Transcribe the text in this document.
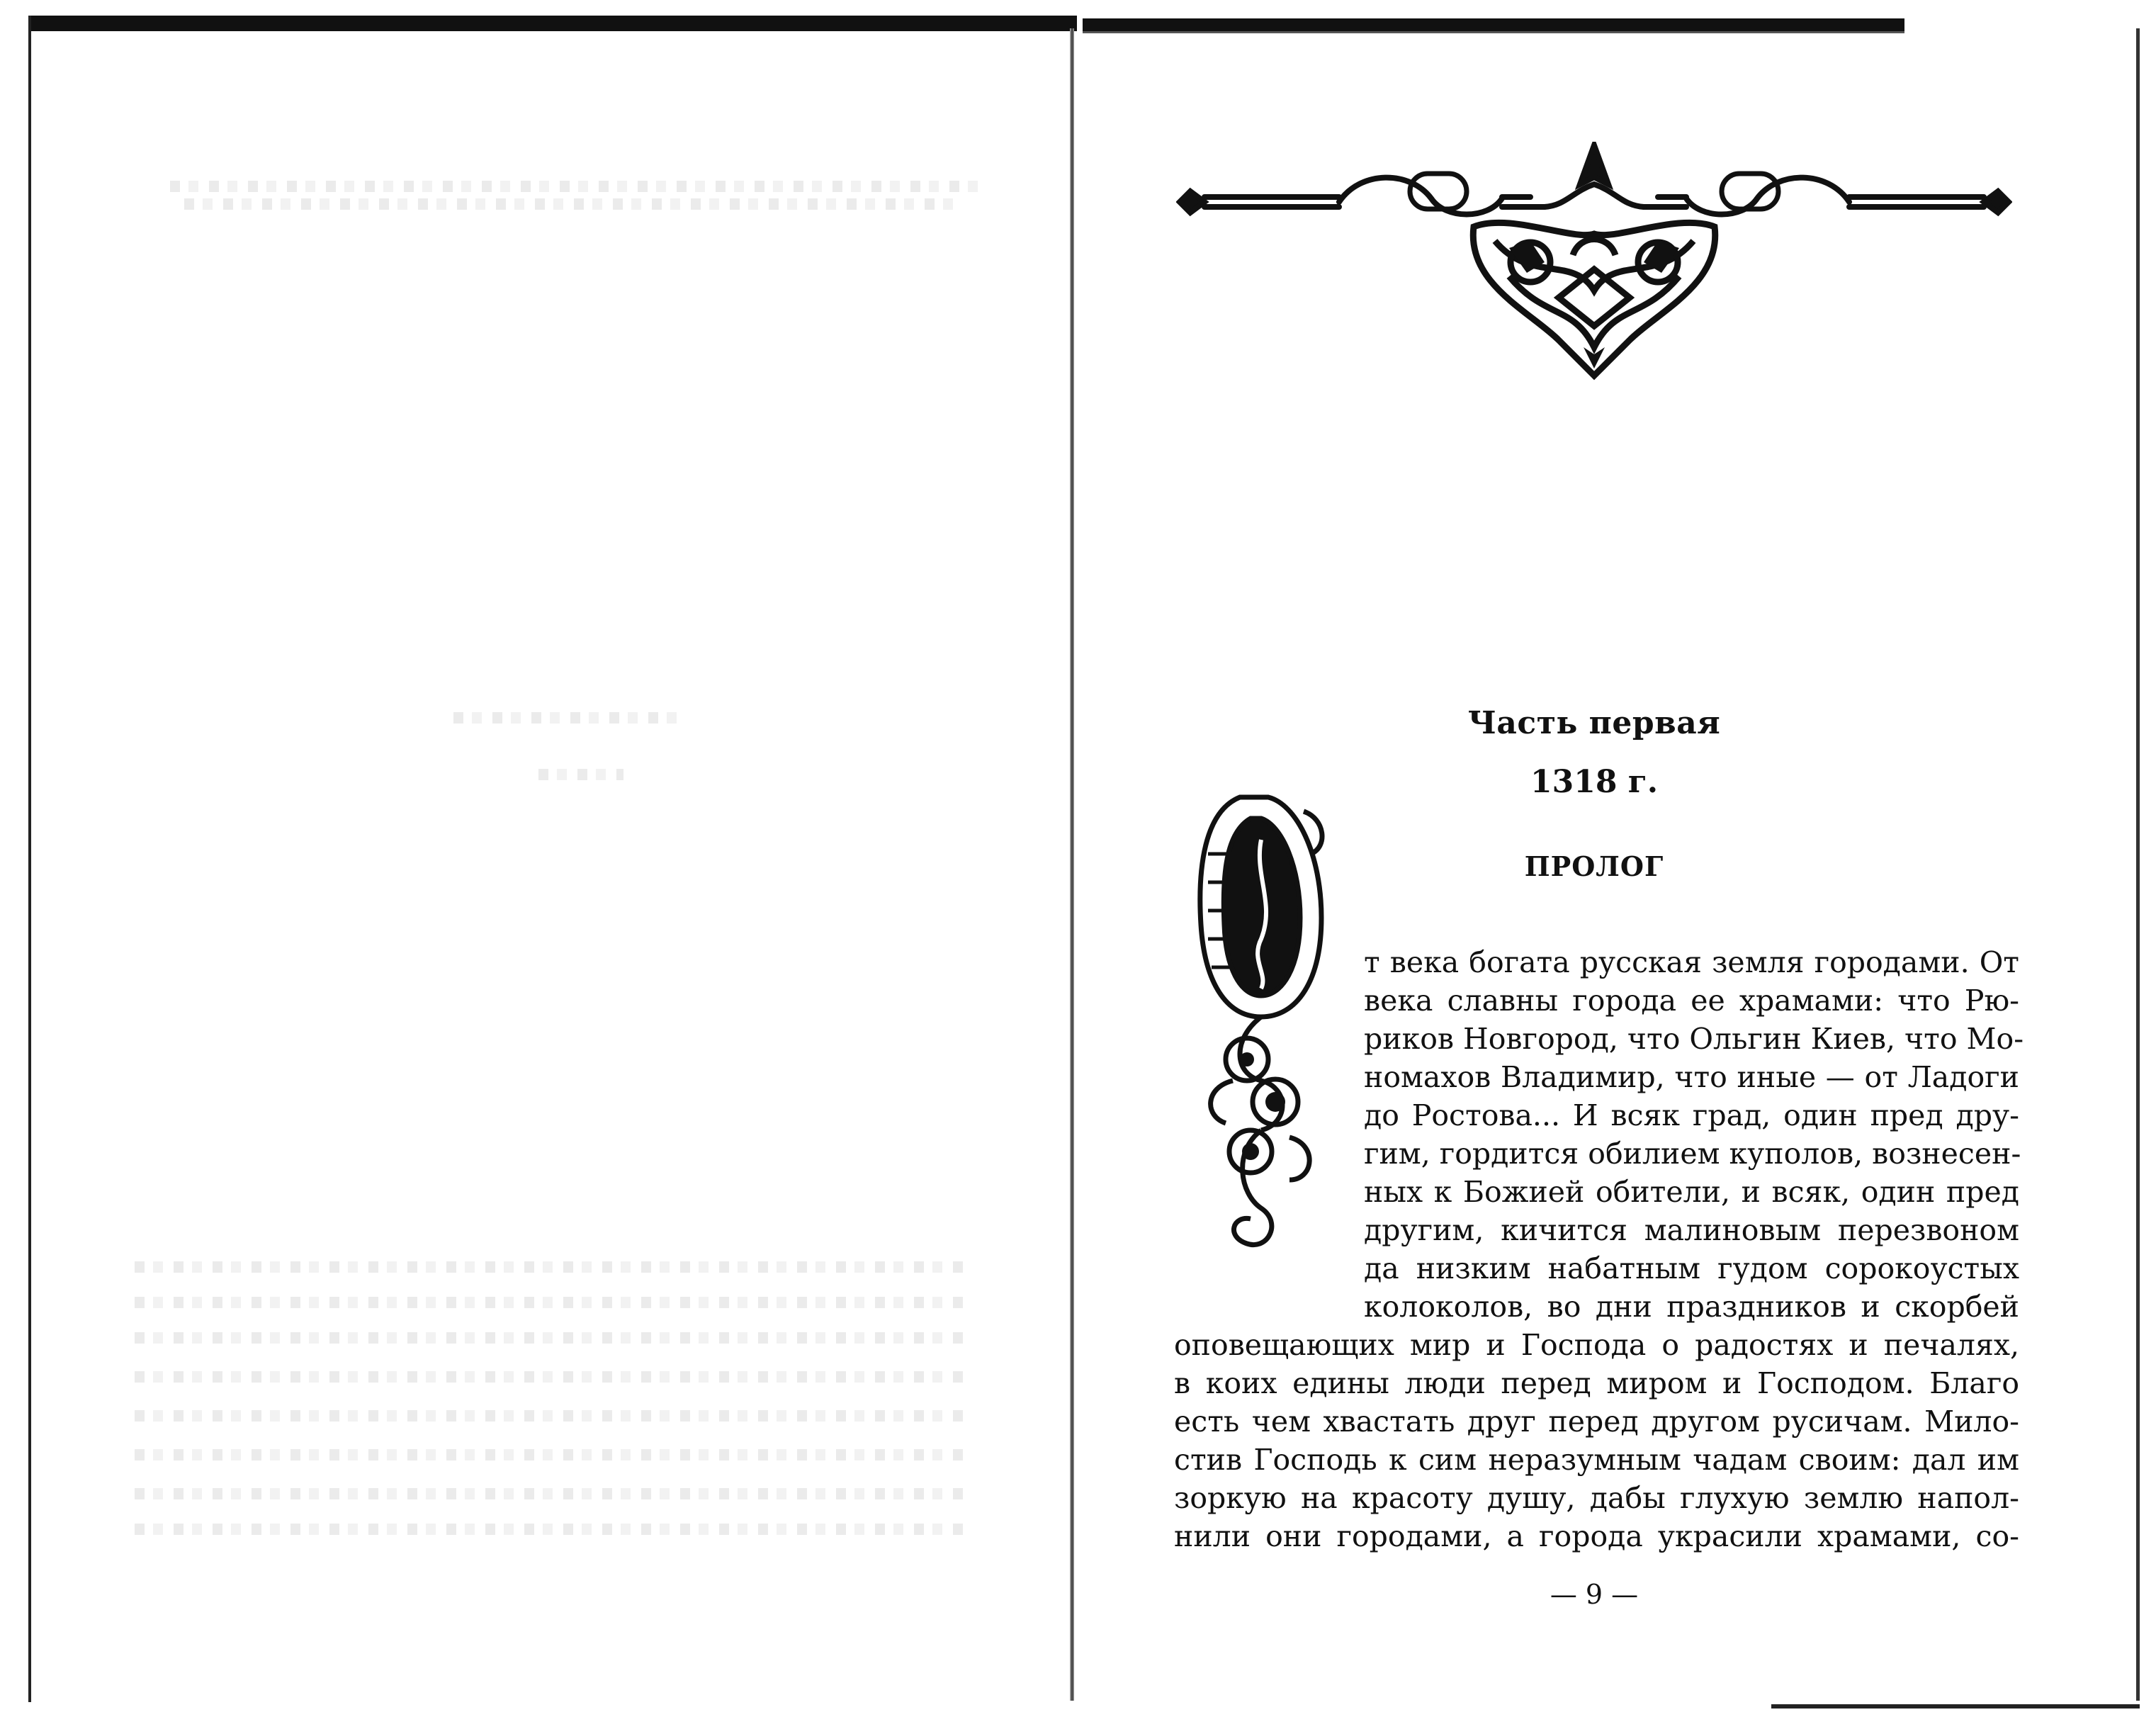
Часть первая
1318 г.
ПРОЛОГ
т века богата русская земля городами. От
века славны города ее храмами: что Рю-
риков Новгород, что Ольгин Киев, что Мо-
номахов Владимир, что иные — от Ладоги
до Ростова... И всяк град, один пред дру-
гим, гордится обилием куполов, вознесен-
ных к Божией обители, и всяк, один пред
другим, кичится малиновым перезвоном
да низким набатным гудом сорокоустых
колоколов, во дни праздников и скорбей
оповещающих мир и Господа о радостях и печалях,
в коих едины люди перед миром и Господом. Благо
есть чем хвастать друг перед другом русичам. Мило-
стив Господь к сим неразумным чадам своим: дал им
зоркую на красоту душу, дабы глухую землю напол-
нили они городами, а города украсили храмами, со-
— 9 —
